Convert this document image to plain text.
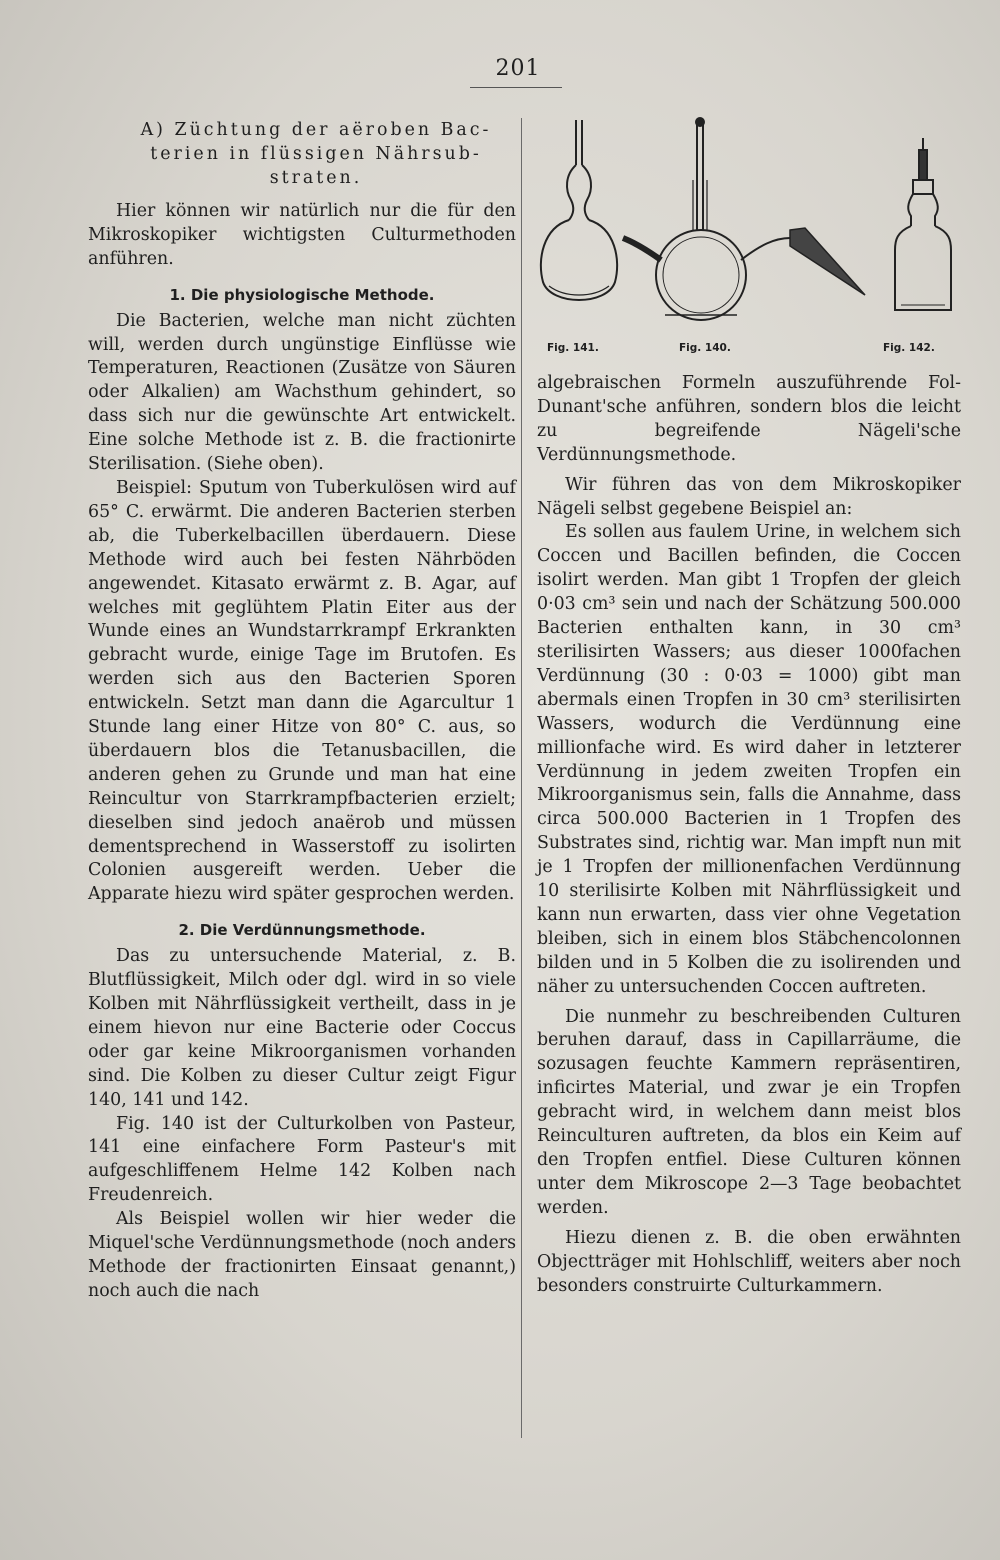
201

A) Züchtung der aëroben Bac-

terien in flüssigen Nährsub-

straten.

Hier können wir natürlich nur die für den Mikroskopiker wichtigsten Culturmethoden anführen.

1. Die physiologische Methode.

Die Bacterien, welche man nicht züchten will, werden durch ungünstige Einflüsse wie Temperaturen, Reactionen (Zusätze von Säuren oder Alkalien) am Wachsthum gehindert, so dass sich nur die gewünschte Art entwickelt. Eine solche Methode ist z. B. die fractionirte Sterilisation. (Siehe oben).

Beispiel: Sputum von Tuberkulösen wird auf 65° C. erwärmt. Die anderen Bacterien sterben ab, die Tuberkelbacillen überdauern. Diese Methode wird auch bei festen Nährböden angewendet. Kitasato erwärmt z. B. Agar, auf welches mit geglühtem Platin Eiter aus der Wunde eines an Wundstarrkrampf Erkrankten gebracht wurde, einige Tage im Brutofen. Es werden sich aus den Bacterien Sporen entwickeln. Setzt man dann die Agarcultur 1 Stunde lang einer Hitze von 80° C. aus, so überdauern blos die Tetanusbacillen, die anderen gehen zu Grunde und man hat eine Reincultur von Starrkrampfbacterien erzielt; dieselben sind jedoch anaërob und müssen dementsprechend in Wasserstoff zu isolirten Colonien ausgereift werden. Ueber die Apparate hiezu wird später gesprochen werden.

2. Die Verdünnungsmethode.

Das zu untersuchende Material, z. B. Blutflüssigkeit, Milch oder dgl. wird in so viele Kolben mit Nährflüssigkeit vertheilt, dass in je einem hievon nur eine Bacterie oder Coccus oder gar keine Mikroorganismen vorhanden sind. Die Kolben zu dieser Cultur zeigt Figur 140, 141 und 142.

Fig. 140 ist der Culturkolben von Pasteur, 141 eine einfachere Form Pasteur's mit aufgeschliffenem Helme 142 Kolben nach Freudenreich.

Als Beispiel wollen wir hier weder die Miquel'sche Verdünnungsmethode (noch anders Methode der fractionirten Einsaat genannt,) noch auch die nach

Fig. 141.	Fig. 140.	Fig. 142.

algebraischen Formeln auszuführende Fol-Dunant'sche anführen, sondern blos die leicht zu begreifende Nägeli'sche Verdünnungsmethode.

Wir führen das von dem Mikroskopiker Nägeli selbst gegebene Beispiel an:

Es sollen aus faulem Urine, in welchem sich Coccen und Bacillen befinden, die Coccen isolirt werden. Man gibt 1 Tropfen der gleich 0·03 cm³ sein und nach der Schätzung 500.000 Bacterien enthalten kann, in 30 cm³ sterilisirten Wassers; aus dieser 1000fachen Verdünnung (30 : 0·03 = 1000) gibt man abermals einen Tropfen in 30 cm³ sterilisirten Wassers, wodurch die Verdünnung eine millionfache wird. Es wird daher in letzterer Verdünnung in jedem zweiten Tropfen ein Mikroorganismus sein, falls die Annahme, dass circa 500.000 Bacterien in 1 Tropfen des Substrates sind, richtig war. Man impft nun mit je 1 Tropfen der millionenfachen Verdünnung 10 sterilisirte Kolben mit Nährflüssigkeit und kann nun erwarten, dass vier ohne Vegetation bleiben, sich in einem blos Stäbchencolonnen bilden und in 5 Kolben die zu isolirenden und näher zu untersuchenden Coccen auftreten.

Die nunmehr zu beschreibenden Culturen beruhen darauf, dass in Capillarräume, die sozusagen feuchte Kammern repräsentiren, inficirtes Material, und zwar je ein Tropfen gebracht wird, in welchem dann meist blos Reinculturen auftreten, da blos ein Keim auf den Tropfen entfiel. Diese Culturen können unter dem Mikroscope 2—3 Tage beobachtet werden.

Hiezu dienen z. B. die oben erwähnten Objectträger mit Hohlschliff, weiters aber noch besonders construirte Culturkammern.
